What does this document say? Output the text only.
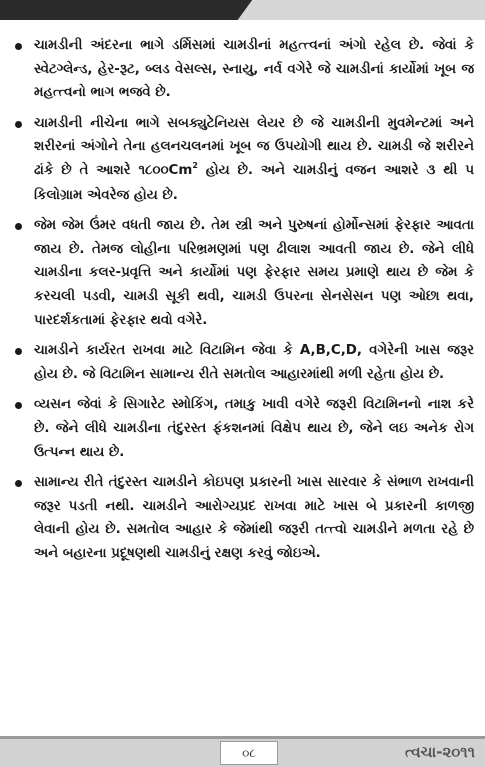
ચામડીની અંદરના ભાગે ડર્મિસમાં ચામડીનાં મહત્ત્વનાં અંગો રહેલ છે. જેવાં કે સ્વેટગ્લેન્ડ, હેર-રૂટ, બ્લડ વેસલ્સ, સ્નાયુ, નર્વ વગેરે જે ચામડીનાં કાર્યોમાં ખૂબ જ મહત્ત્વનો ભાગ ભજવે છે.
ચામડીની નીચેના ભાગે સબક્યુટેનિયસ લેયર છે જે ચામડીની મુવમેન્ટમાં અને શરીરનાં અંગોને તેના હલનચલનમાં ખૂબ જ ઉપયોગી થાય છે. ચામડી જે શરીરને ઢાંકે છે તે આશરે ૧૮૦૦Cm$^2$ હોય છે. અને ચામડીનું વજન આશરે ૩ થી ૫ કિલોગ્રામ એવરેજ હોય છે.
જેમ જેમ ઉંમર વધતી જાય છે. તેમ સ્ત્રી અને પુરુષનાં હોર્મોન્સમાં ફેરફાર આવતા જાય છે. તેમજ લોહીના પરિભ્રમણમાં પણ ઢીલાશ આવતી જાય છે. જેને લીધે ચામડીના કલર-પ્રવૃત્તિ અને કાર્યોમાં પણ ફેરફાર સમય પ્રમાણે થાય છે જેમ કે કરચલી પડવી, ચામડી સૂકી થવી, ચામડી ઉપરના સેનસેસન પણ ઓછા થવા, પારદર્શકતામાં ફેરફાર થવો વગેરે.
ચામડીને કાર્યરત રાખવા માટે વિટામિન જેવા કે A,B,C,D, વગેરેની ખાસ જરૂર હોય છે. જે વિટામિન સામાન્ય રીતે સમતોલ આહારમાંથી મળી રહેતા હોય છે.
વ્યસન જેવાં કે સિગારેટ સ્મોકિંગ, તમાકુ ખાવી વગેરે જરૂરી વિટામિનનો નાશ કરે છે. જેને લીધે ચામડીના તંદુરસ્ત ફંકશનમાં વિક્ષેપ થાય છે, જેને લઇ અનેક રોગ ઉત્પન્ન થાય છે.
સામાન્ય રીતે તંદુરસ્ત ચામડીને કોઇપણ પ્રકારની ખાસ સારવાર કે સંભાળ રાખવાની જરૂર પડતી નથી. ચામડીને આરોગ્યપ્રદ રાખવા માટે ખાસ બે પ્રકારની કાળજી લેવાની હોય છે. સમતોલ આહાર કે જેમાંથી જરૂરી તત્ત્વો ચામડીને મળતા રહે છે અને બહારના પ્રદૂષણથી ચામડીનું રક્ષણ કરવું જોઇએ.
૦૮	ત્વચા-૨૦૧૧
